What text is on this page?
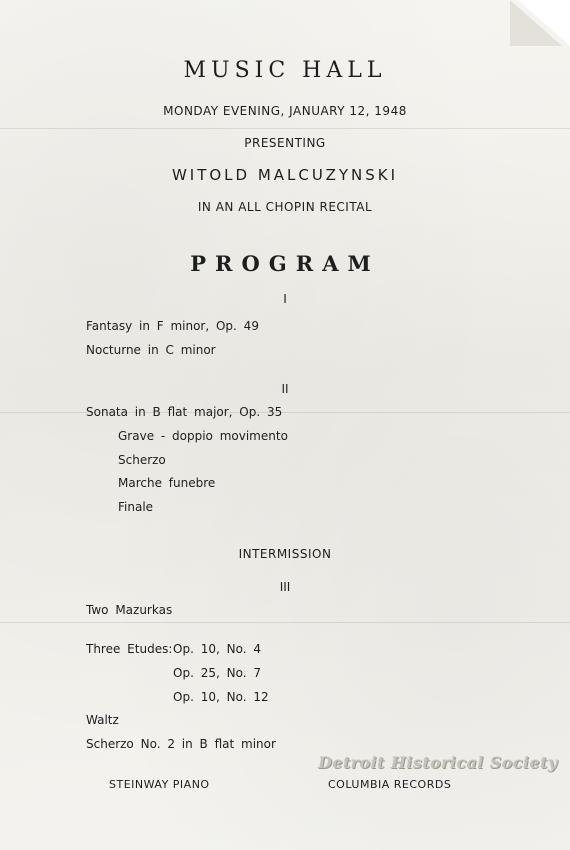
MUSIC HALL
MONDAY EVENING, JANUARY 12, 1948
PRESENTING
WITOLD MALCUZYNSKI
IN AN ALL CHOPIN RECITAL
PROGRAM
I
Fantasy in F minor, Op. 49
Nocturne in C minor
II
Sonata in B flat major, Op. 35
Grave - doppio movimento
Scherzo
Marche funebre
Finale
INTERMISSION
III
Two Mazurkas
Three Etudes: Op. 10, No. 4
Op. 25, No. 7
Op. 10, No. 12
Waltz
Scherzo No. 2 in B flat minor
STEINWAY PIANO	COLUMBIA RECORDS
Detroit Historical Society
